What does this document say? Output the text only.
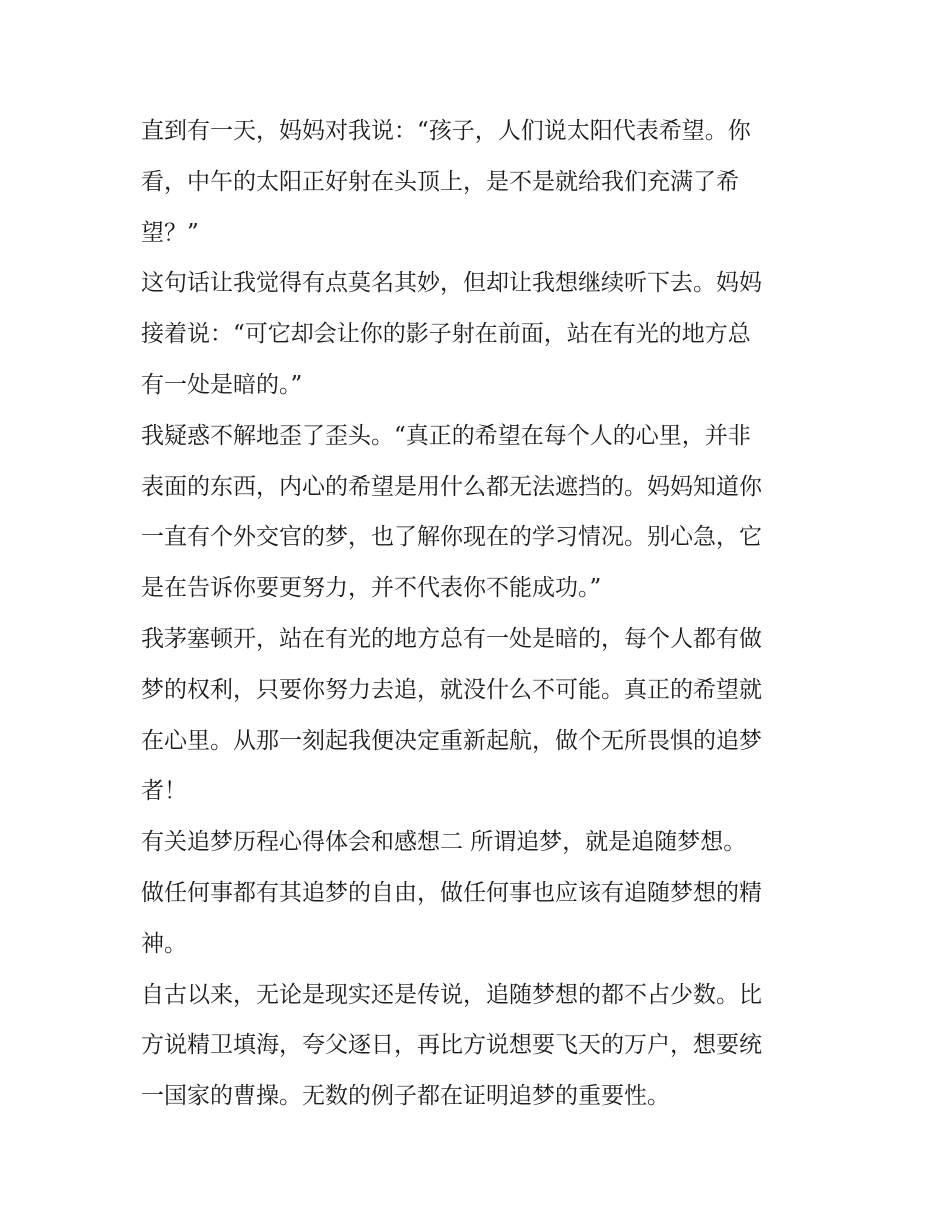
直到有一天，妈妈对我说：“孩子，人们说太阳代表希望。你
看，中午的太阳正好射在头顶上，是不是就给我们充满了希
望？”
这句话让我觉得有点莫名其妙，但却让我想继续听下去。妈妈
接着说：“可它却会让你的影子射在前面，站在有光的地方总
有一处是暗的。”
我疑惑不解地歪了歪头。“真正的希望在每个人的心里，并非
表面的东西，内心的希望是用什么都无法遮挡的。妈妈知道你
一直有个外交官的梦，也了解你现在的学习情况。别心急，它
是在告诉你要更努力，并不代表你不能成功。”
我茅塞顿开，站在有光的地方总有一处是暗的，每个人都有做
梦的权利，只要你努力去追，就没什么不可能。真正的希望就
在心里。从那一刻起我便决定重新起航，做个无所畏惧的追梦
者！
有关追梦历程心得体会和感想二 所谓追梦，就是追随梦想。
做任何事都有其追梦的自由，做任何事也应该有追随梦想的精
神。
自古以来，无论是现实还是传说，追随梦想的都不占少数。比
方说精卫填海，夸父逐日，再比方说想要飞天的万户，想要统
一国家的曹操。无数的例子都在证明追梦的重要性。
